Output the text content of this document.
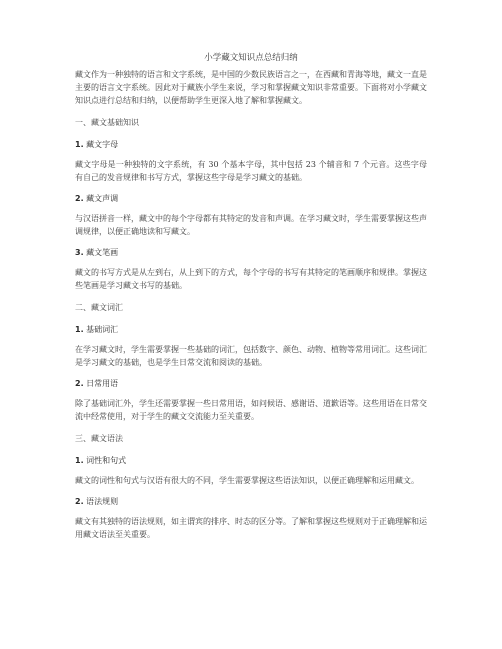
小学藏文知识点总结归纳

藏文作为一种独特的语言和文字系统，是中国的少数民族语言之一，在西藏和青海等地，藏文一直是主要的语言文字系统。因此对于藏族小学生来说，学习和掌握藏文知识非常重要。下面将对小学藏文知识点进行总结和归纳，以便帮助学生更深入地了解和掌握藏文。

一、藏文基础知识
1. 藏文字母

藏文字母是一种独特的文字系统，有 30 个基本字母，其中包括 23 个辅音和 7 个元音。这些字母有自己的发音规律和书写方式，掌握这些字母是学习藏文的基础。

2. 藏文声调

与汉语拼音一样，藏文中的每个字母都有其特定的发音和声调。在学习藏文时，学生需要掌握这些声调规律，以便正确地读和写藏文。

3. 藏文笔画

藏文的书写方式是从左到右，从上到下的方式，每个字母的书写有其特定的笔画顺序和规律。掌握这些笔画是学习藏文书写的基础。

二、藏文词汇
1. 基础词汇

在学习藏文时，学生需要掌握一些基础的词汇，包括数字、颜色、动物、植物等常用词汇。这些词汇是学习藏文的基础，也是学生日常交流和阅读的基础。

2. 日常用语

除了基础词汇外，学生还需要掌握一些日常用语，如问候语、感谢语、道歉语等。这些用语在日常交流中经常使用，对于学生的藏文交流能力至关重要。

三、藏文语法
1. 词性和句式

藏文的词性和句式与汉语有很大的不同，学生需要掌握这些语法知识，以便正确理解和运用藏文。

2. 语法规则

藏文有其独特的语法规则，如主谓宾的排序、时态的区分等。了解和掌握这些规则对于正确理解和运用藏文语法至关重要。
